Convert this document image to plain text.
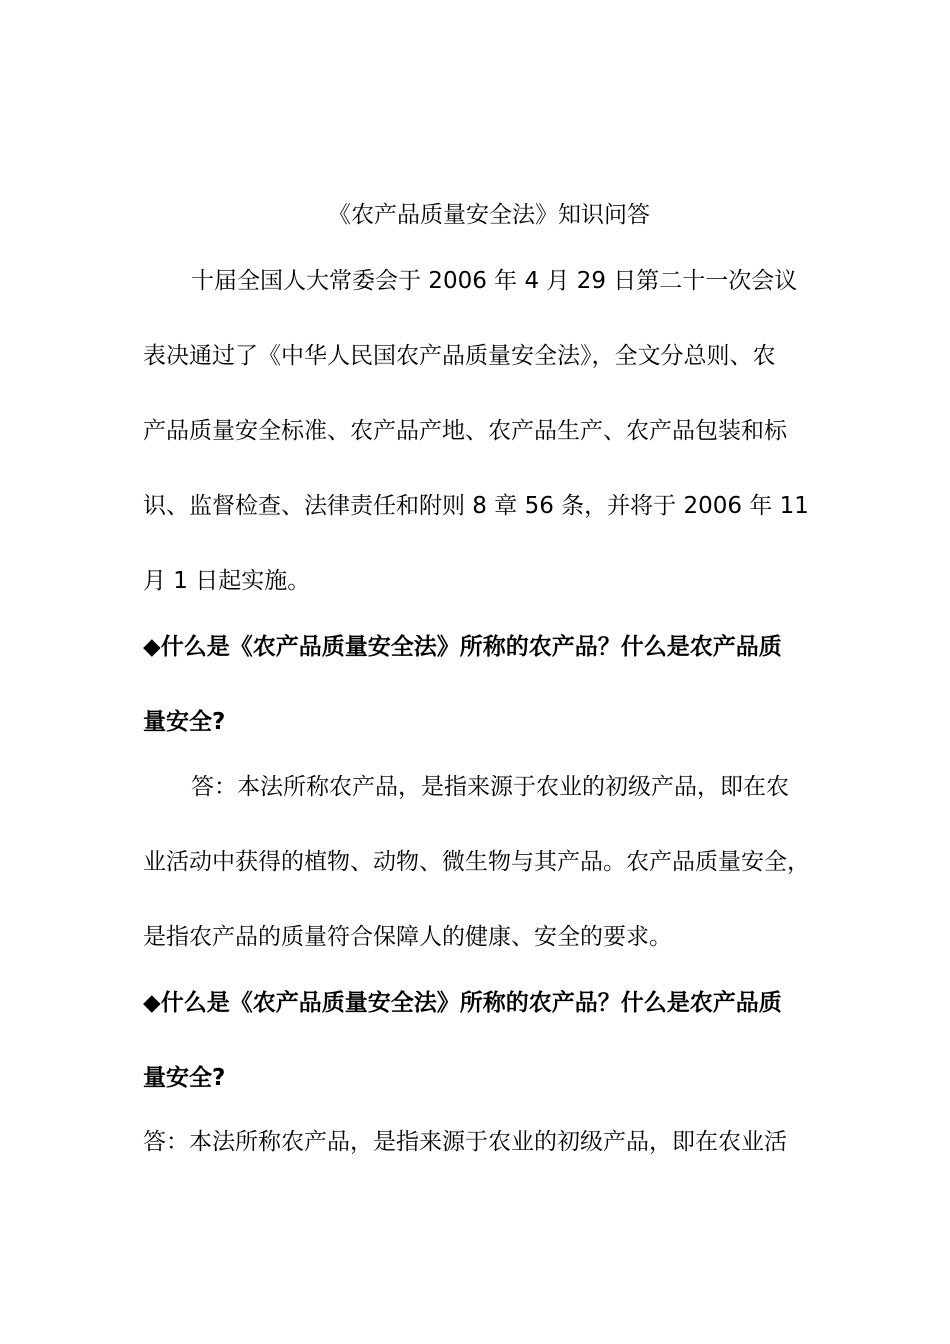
《农产品质量安全法》知识问答
十届全国人大常委会于 2006 年 4 月 29 日第二十一次会议
表决通过了《中华人民国农产品质量安全法》，全文分总则、农
产品质量安全标准、农产品产地、农产品生产、农产品包装和标
识、监督检查、法律责任和附则 8 章 56 条，并将于 2006 年 11
月 1 日起实施。
◆什么是《农产品质量安全法》所称的农产品？什么是农产品质
量安全?
答：本法所称农产品，是指来源于农业的初级产品，即在农
业活动中获得的植物、动物、微生物与其产品。农产品质量安全，
是指农产品的质量符合保障人的健康、安全的要求。
◆什么是《农产品质量安全法》所称的农产品？什么是农产品质
量安全?
答：本法所称农产品，是指来源于农业的初级产品，即在农业活
